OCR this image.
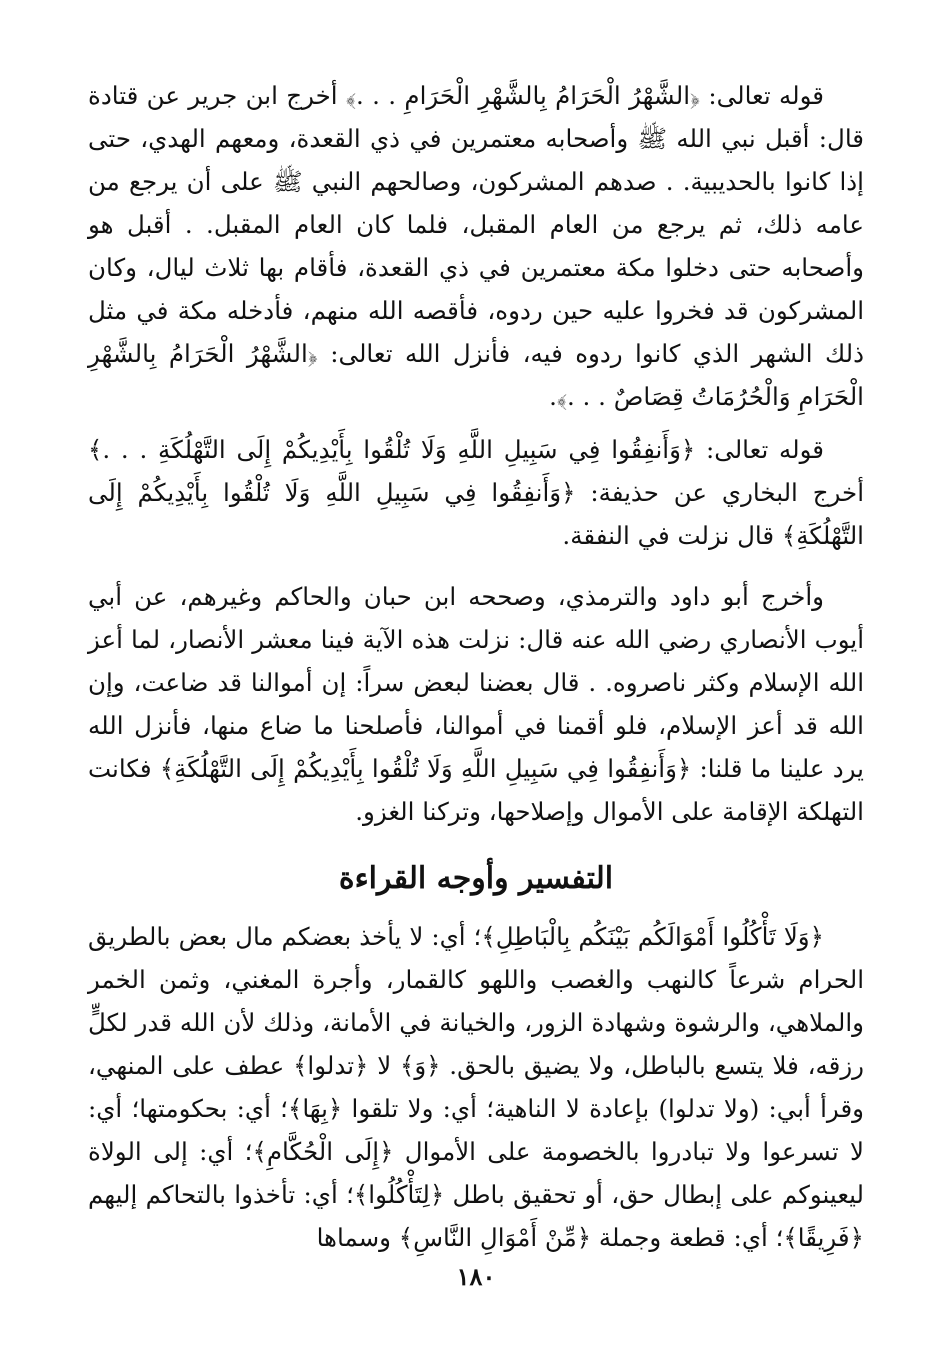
قوله تعالى: ﴿الشَّهْرُ الْحَرَامُ بِالشَّهْرِ الْحَرَامِ . . .﴾ أخرج ابن جرير عن قتادة قال: أقبل نبي الله ﷺ وأصحابه معتمرين في ذي القعدة، ومعهم الهدي، حتى إذا كانوا بالحديبية. . صدهم المشركون، وصالحهم النبي ﷺ على أن يرجع من عامه ذلك، ثم يرجع من العام المقبل، فلما كان العام المقبل. . أقبل هو وأصحابه حتى دخلوا مكة معتمرين في ذي القعدة، فأقام بها ثلاث ليال، وكان المشركون قد فخروا عليه حين ردوه، فأقصه الله منهم، فأدخله مكة في مثل ذلك الشهر الذي كانوا ردوه فيه، فأنزل الله تعالى: ﴿الشَّهْرُ الْحَرَامُ بِالشَّهْرِ الْحَرَامِ وَالْحُرُمَاتُ قِصَاصٌ . . .﴾.

قوله تعالى: ﴿وَأَنفِقُوا فِي سَبِيلِ اللَّهِ وَلَا تُلْقُوا بِأَيْدِيكُمْ إِلَى التَّهْلُكَةِ . . .﴾ أخرج البخاري عن حذيفة: ﴿وَأَنفِقُوا فِي سَبِيلِ اللَّهِ وَلَا تُلْقُوا بِأَيْدِيكُمْ إِلَى التَّهْلُكَةِ﴾ قال نزلت في النفقة.

وأخرج أبو داود والترمذي، وصححه ابن حبان والحاكم وغيرهم، عن أبي أيوب الأنصاري رضي الله عنه قال: نزلت هذه الآية فينا معشر الأنصار، لما أعز الله الإسلام وكثر ناصروه. . قال بعضنا لبعض سراً: إن أموالنا قد ضاعت، وإن الله قد أعز الإسلام، فلو أقمنا في أموالنا، فأصلحنا ما ضاع منها، فأنزل الله يرد علينا ما قلنا: ﴿وَأَنفِقُوا فِي سَبِيلِ اللَّهِ وَلَا تُلْقُوا بِأَيْدِيكُمْ إِلَى التَّهْلُكَةِ﴾ فكانت التهلكة الإقامة على الأموال وإصلاحها، وتركنا الغزو.

التفسير وأوجه القراءة

﴿وَلَا تَأْكُلُوا أَمْوَالَكُم بَيْنَكُم بِالْبَاطِلِ﴾؛ أي: لا يأخذ بعضكم مال بعض بالطريق الحرام شرعاً كالنهب والغصب واللهو كالقمار، وأجرة المغني، وثمن الخمر والملاهي، والرشوة وشهادة الزور، والخيانة في الأمانة، وذلك لأن الله قدر لكلٍّ رزقه، فلا يتسع بالباطل، ولا يضيق بالحق. ﴿وَ﴾ لا ﴿تدلوا﴾ عطف على المنهي، وقرأ أبي: (ولا تدلوا) بإعادة لا الناهية؛ أي: ولا تلقوا ﴿بِهَا﴾؛ أي: بحكومتها؛ أي: لا تسرعوا ولا تبادروا بالخصومة على الأموال ﴿إِلَى الْحُكَّامِ﴾؛ أي: إلى الولاة ليعينوكم على إبطال حق، أو تحقيق باطل ﴿لِتَأْكُلُوا﴾؛ أي: تأخذوا بالتحاكم إليهم ﴿فَرِيقًا﴾؛ أي: قطعة وجملة ﴿مِّنْ أَمْوَالِ النَّاسِ﴾ وسماها

١٨٠
